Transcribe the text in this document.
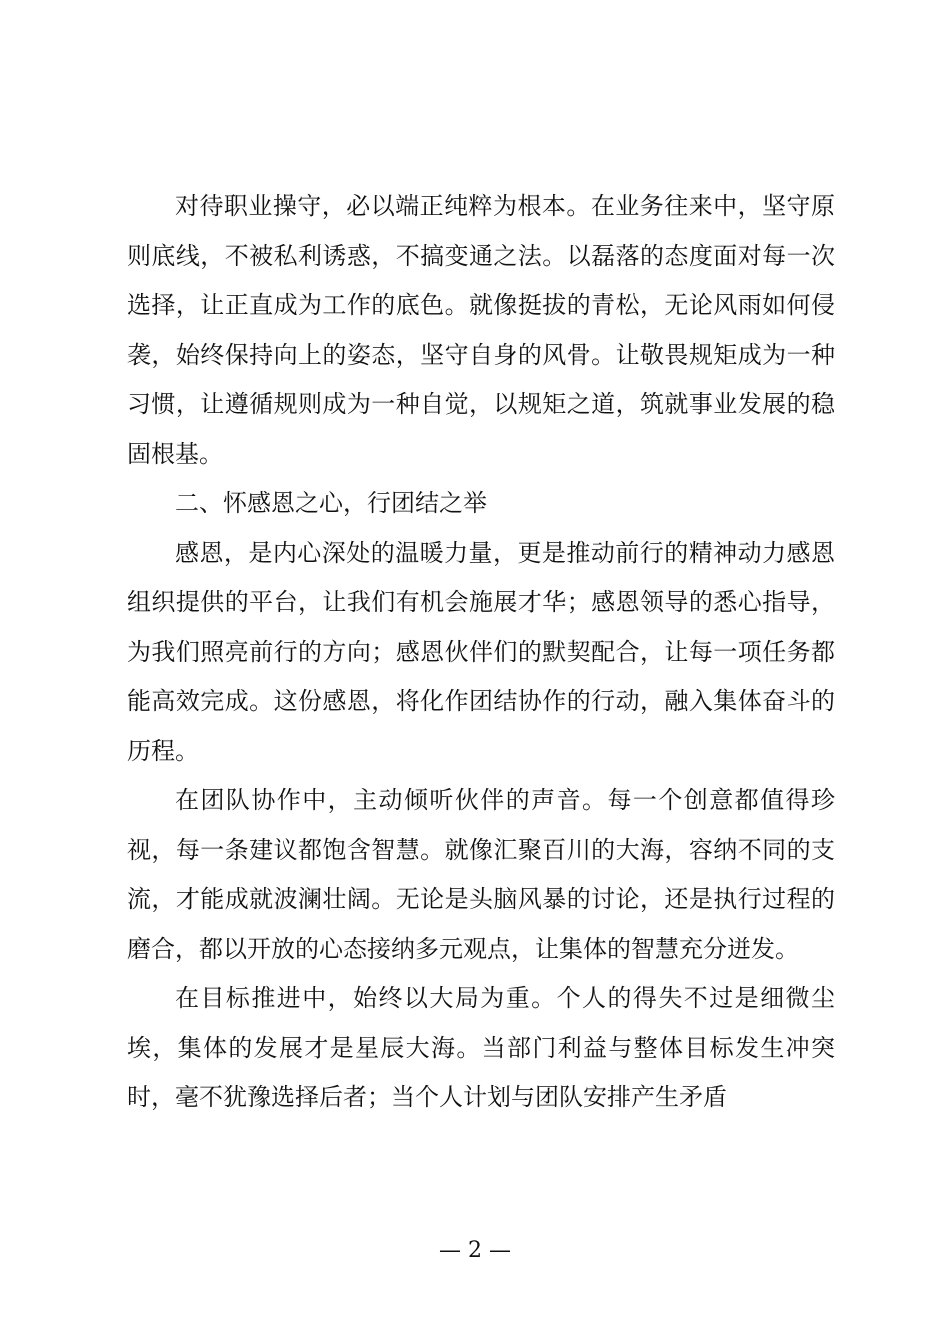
对待职业操守，必以端正纯粹为根本。在业务往来中，坚守原则底线，不被私利诱惑，不搞变通之法。以磊落的态度面对每一次选择，让正直成为工作的底色。就像挺拔的青松，无论风雨如何侵袭，始终保持向上的姿态，坚守自身的风骨。让敬畏规矩成为一种习惯，让遵循规则成为一种自觉，以规矩之道，筑就事业发展的稳固根基。

二、怀感恩之心，行团结之举

感恩，是内心深处的温暖力量，更是推动前行的精神动力感恩组织提供的平台，让我们有机会施展才华；感恩领导的悉心指导，为我们照亮前行的方向；感恩伙伴们的默契配合，让每一项任务都能高效完成。这份感恩，将化作团结协作的行动，融入集体奋斗的历程。

在团队协作中，主动倾听伙伴的声音。每一个创意都值得珍视，每一条建议都饱含智慧。就像汇聚百川的大海，容纳不同的支流，才能成就波澜壮阔。无论是头脑风暴的讨论，还是执行过程的磨合，都以开放的心态接纳多元观点，让集体的智慧充分迸发。

在目标推进中，始终以大局为重。个人的得失不过是细微尘埃，集体的发展才是星辰大海。当部门利益与整体目标发生冲突时，毫不犹豫选择后者；当个人计划与团队安排产生矛盾

— 2 —
